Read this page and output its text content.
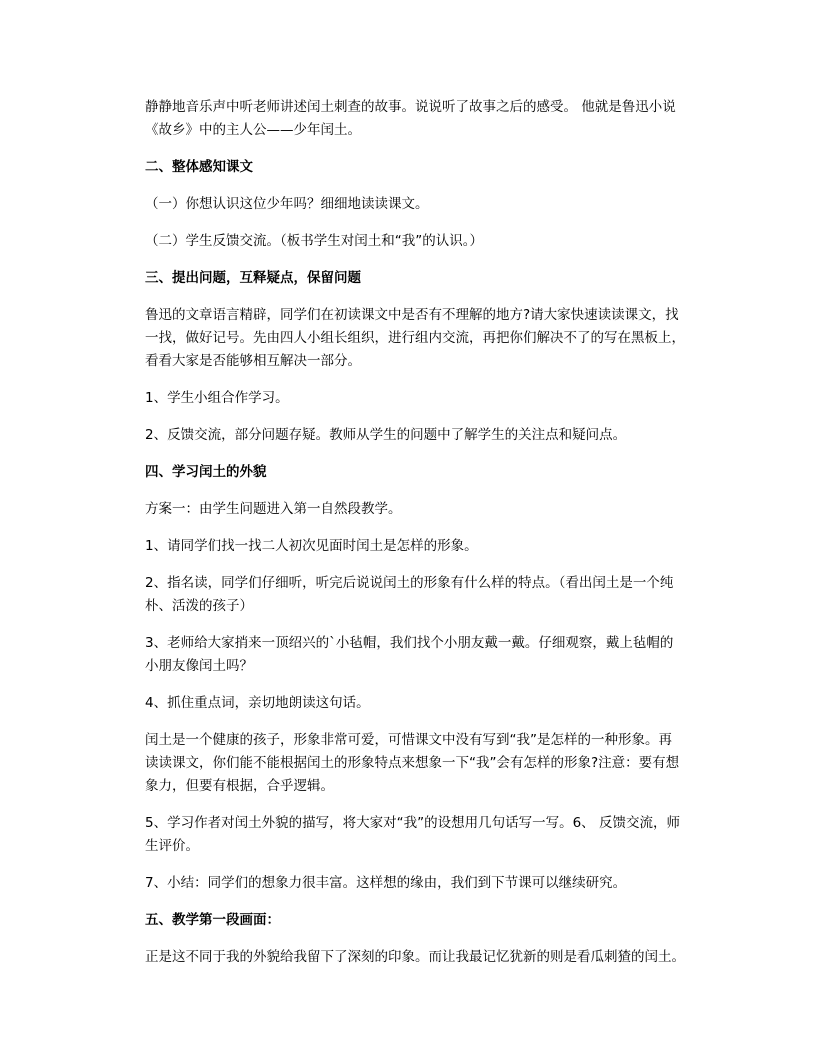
静静地音乐声中听老师讲述闰土刺查的故事。说说听了故事之后的感受。 他就是鲁迅小说《故乡》中的主人公——少年闰土。

二、整体感知课文

（一）你想认识这位少年吗？细细地读读课文。

（二）学生反馈交流。（板书学生对闰土和“我”的认识。）

三、提出问题，互释疑点，保留问题

鲁迅的文章语言精辟，同学们在初读课文中是否有不理解的地方?请大家快速读读课文，找一找，做好记号。先由四人小组长组织，进行组内交流，再把你们解决不了的写在黑板上，看看大家是否能够相互解决一部分。

1、学生小组合作学习。

2、反馈交流，部分问题存疑。教师从学生的问题中了解学生的关注点和疑问点。

四、学习闰土的外貌

方案一：由学生问题进入第一自然段教学。

1、请同学们找一找二人初次见面时闰土是怎样的形象。

2、指名读，同学们仔细听，听完后说说闰土的形象有什么样的特点。（看出闰土是一个纯朴、活泼的孩子）

3、老师给大家捎来一顶绍兴的`小毡帽，我们找个小朋友戴一戴。仔细观察，戴上毡帽的小朋友像闰土吗？

4、抓住重点词，亲切地朗读这句话。

闰土是一个健康的孩子，形象非常可爱，可惜课文中没有写到“我”是怎样的一种形象。再读读课文，你们能不能根据闰土的形象特点来想象一下“我”会有怎样的形象?注意：要有想象力，但要有根据，合乎逻辑。

5、学习作者对闰土外貌的描写，将大家对“我”的设想用几句话写一写。6、 反馈交流，师生评价。

7、小结：同学们的想象力很丰富。这样想的缘由，我们到下节课可以继续研究。

五、教学第一段画面：

正是这不同于我的外貌给我留下了深刻的印象。而让我最记忆犹新的则是看瓜刺猹的闰土。
